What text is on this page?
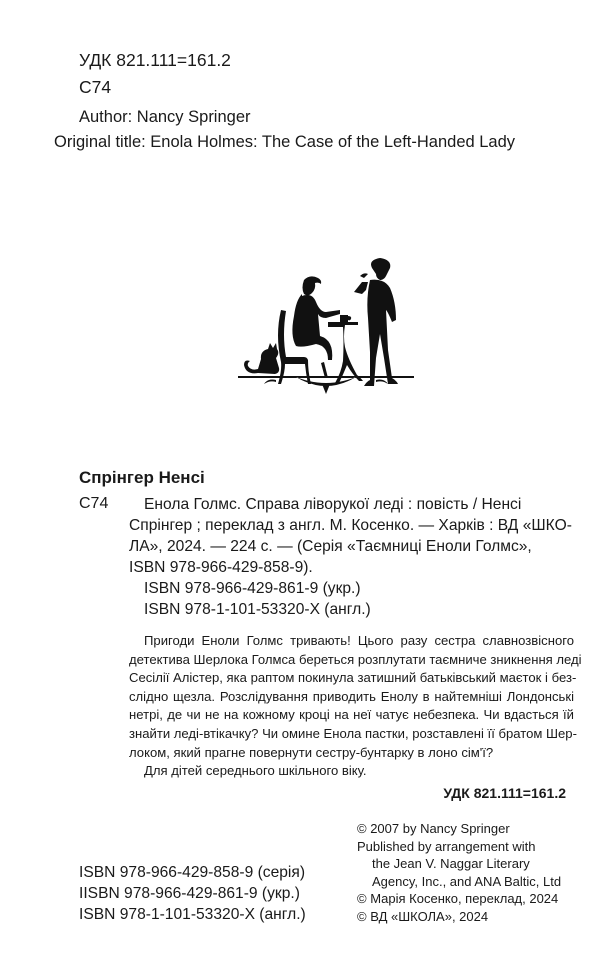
УДК 821.111=161.2
С74
Author: Nancy Springer
Original title: Enola Holmes: The Case of the Left-Handed Lady
Спрінгер Ненсі
С74	Енола Голмс. Справа ліворукої леді : повість / Ненсі
Спрінгер ; переклад з англ. М. Косенко. — Харків : ВД «ШКО-
ЛА», 2024. — 224 с. — (Серія «Таємниці Еноли Голмс»,
ISBN 978-966-429-858-9).
ISBN 978-966-429-861-9 (укр.)
ISBN 978-1-101-53320-X (англ.)
Пригоди Еноли Голмс тривають! Цього разу сестра славнозвісного
детектива Шерлока Голмса береться розплутати таємниче зникнення леді
Сесілії Алістер, яка раптом покинула затишний батьківський маєток і без-
слідно щезла. Розслідування приводить Енолу в найтемніші Лондонські
нетрі, де чи не на кожному кроці на неї чатує небезпека. Чи вдасться їй
знайти леді-втікачку? Чи омине Енола пастки, розставлені її братом Шер-
локом, який прагне повернути сестру-бунтарку в лоно сім'ї?
Для дітей середнього шкільного віку.
УДК 821.111=161.2
© 2007 by Nancy Springer
Published by arrangement with
the Jean V. Naggar Literary
Agency, Inc., and ANA Baltic, Ltd
© Марія Косенко, переклад, 2024
© ВД «ШКОЛА», 2024
ISBN 978-966-429-858-9 (серія)
IISBN 978-966-429-861-9 (укр.)
ISBN 978-1-101-53320-X (англ.)
